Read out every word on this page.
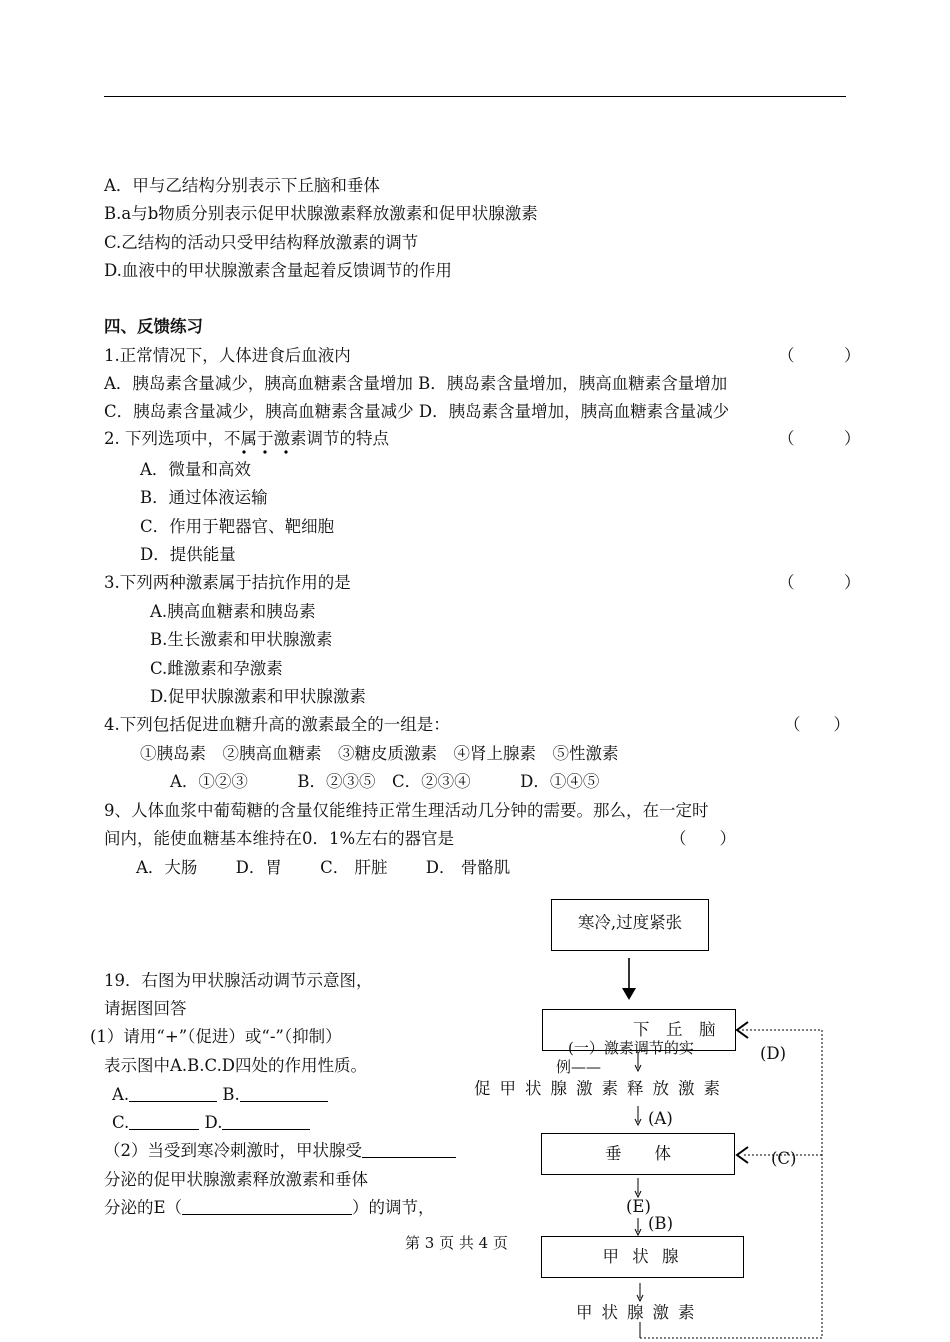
A．甲与乙结构分别表示下丘脑和垂体
B.a与b物质分别表示促甲状腺激素释放激素和促甲状腺激素
C.乙结构的活动只受甲结构释放激素的调节
D.血液中的甲状腺激素含量起着反馈调节的作用
四、反馈练习
1.正常情况下，人体进食后血液内	（　　　）
A．胰岛素含量减少，胰高血糖素含量增加 B．胰岛素含量增加，胰高血糖素含量增加
C．胰岛素含量减少，胰高血糖素含量减少 D．胰岛素含量增加，胰高血糖素含量减少
2. 下列选项中，不属于激素调节的特点	（　　　）
A．微量和高效
B．通过体液运输
C．作用于靶器官、靶细胞
D．提供能量
3.下列两种激素属于拮抗作用的是	（　　　）
A.胰高血糖素和胰岛素
B.生长激素和甲状腺激素
C.雌激素和孕激素
D.促甲状腺激素和甲状腺激素
4.下列包括促进血糖升高的激素最全的一组是：	（　　）
①胰岛素　②胰高血糖素　③糖皮质激素　④肾上腺素　⑤性激素
A．①②③　　　B．②③⑤　C．②③④　　　D．①④⑤
9、人体血浆中葡萄糖的含量仅能维持正常生理活动几分钟的需要。那么，在一定时
间内，能使血糖基本维持在0．1%左右的器官是	（　　）
A．大肠　　 D．胃　　 C． 肝脏　　 D． 骨骼肌
19．右图为甲状腺活动调节示意图，
请据图回答
(1）请用“+”（促进）或“-”（抑制）
表示图中A.B.C.D四处的作用性质。
A.	B.
C.	D.
（2）当受到寒冷刺激时，甲状腺受
分泌的促甲状腺激素释放激素和垂体
分泌的E（	）的调节，
寒冷,过度紧张
下　丘　脑
(一）激素调节的实
例——
(D)
促甲状腺激素释放激素
(A)
垂　　体	(C)
(E)
(B)
甲 状 腺
甲状腺激素
第 3 页 共 4 页
